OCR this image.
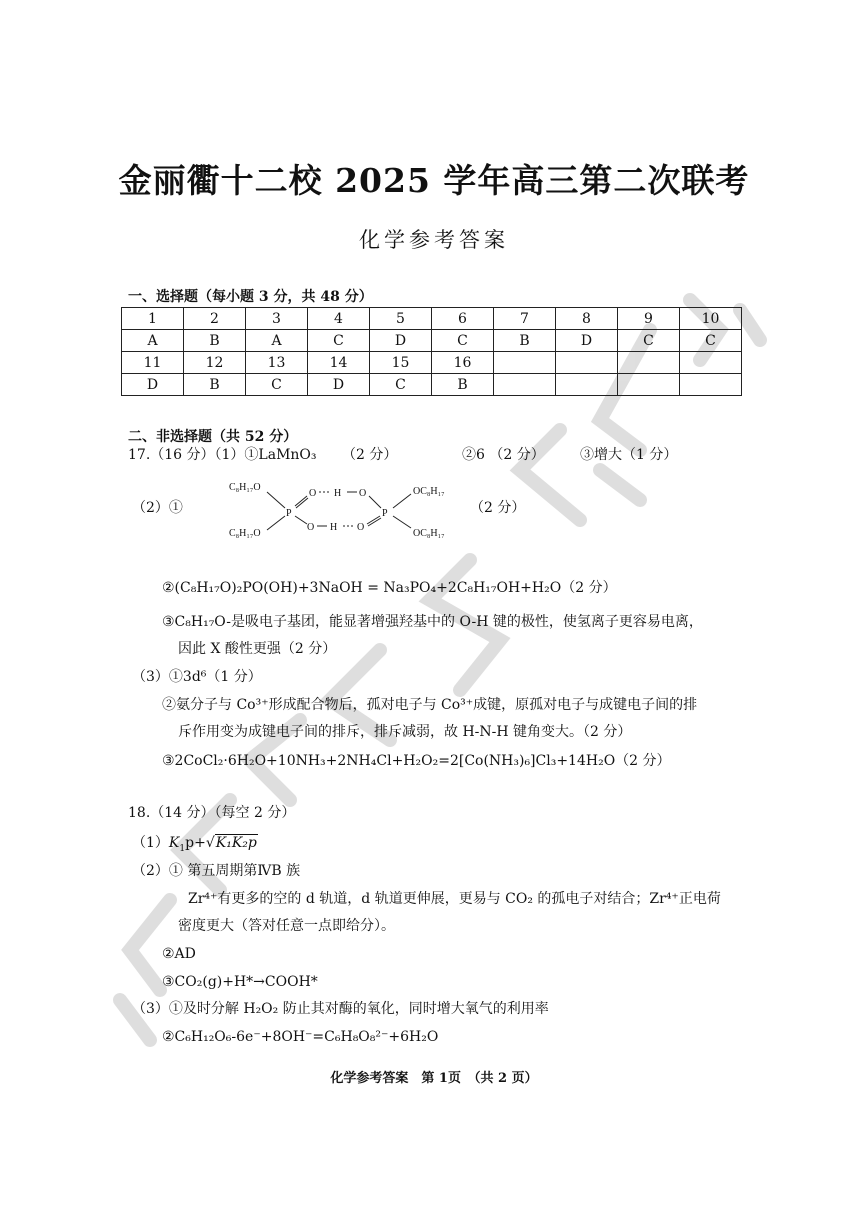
金丽衢十二校 2025 学年高三第二次联考
化学参考答案
一、选择题（每小题 3 分，共 48 分）
1	2	3	4	5	6	7	8	9	10
A	B	A	C	D	C	B	D	C	C
11	12	13	14	15	16				
D	B	C	D	C	B				
二、非选择题（共 52 分）
17.（16 分）（1）①LaMnO₃ （2 分）	②6 （2 分）	③增大（1 分）
（2）①
C₈H₁₇O
C₈H₁₇O
OC₈H₁₇
OC₈H₁₇
P	P
O H O
O H O
（2 分）
②(C₈H₁₇O)₂PO(OH)+3NaOH = Na₃PO₄+2C₈H₁₇OH+H₂O（2 分）
③C₈H₁₇O-是吸电子基团，能显著增强羟基中的 O-H 键的极性，使氢离子更容易电离，
因此 X 酸性更强（2 分）
（3）①3d⁶（1 分）
②氨分子与 Co³⁺形成配合物后，孤对电子与 Co³⁺成键，原孤对电子与成键电子间的排
斥作用变为成键电子间的排斥，排斥减弱，故 H-N-H 键角变大。（2 分）
③2CoCl₂·6H₂O+10NH₃+2NH₄Cl+H₂O₂=2[Co(NH₃)₆]Cl₃+14H₂O（2 分）
18.（14 分）（每空 2 分）
$(1)K_1p+√K_1K_2p$
（2）① 第五周期第ⅣB 族
Zr⁴⁺有更多的空的 d 轨道，d 轨道更伸展，更易与 CO₂ 的孤电子对结合；Zr⁴⁺正电荷
密度更大（答对任意一点即给分）。
②AD
③CO₂(g)+H*→COOH*
（3）①及时分解 H₂O₂ 防止其对酶的氧化，同时增大氧气的利用率
②C₆H₁₂O₆-6e⁻+8OH⁻=C₆H₈O₈²⁻+6H₂O
化学参考答案　第 1页　（共 2 页）
